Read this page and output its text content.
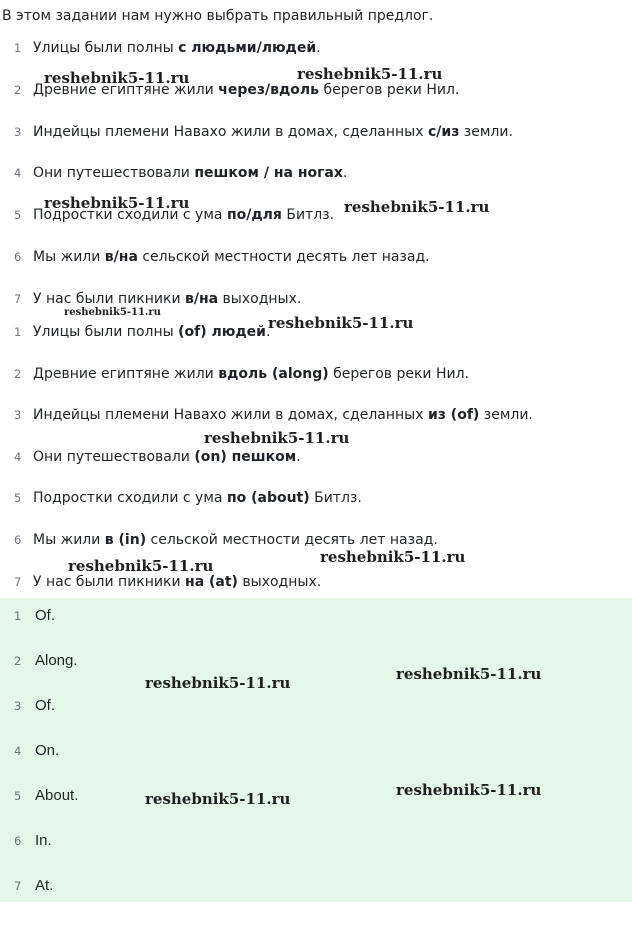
В этом задании нам нужно выбрать правильный предлог.
1 Улицы были полны с людьми/людей.
2 Древние египтяне жили через/вдоль берегов реки Нил.
3 Индейцы племени Навахо жили в домах, сделанных с/из земли.
4 Они путешествовали пешком / на ногах.
5 Подростки сходили с ума по/для Битлз.
6 Мы жили в/на сельской местности десять лет назад.
7 У нас были пикники в/на выходных.
1 Улицы были полны (of) людей.
2 Древние египтяне жили вдоль (along) берегов реки Нил.
3 Индейцы племени Навахо жили в домах, сделанных из (of) земли.
4 Они путешествовали (on) пешком.
5 Подростки сходили с ума по (about) Битлз.
6 Мы жили в (in) сельской местности десять лет назад.
7 У нас были пикники на (at) выходных.
1 Of.
2 Along.
3 Of.
4 On.
5 About.
6 In.
7 At.
reshebnik5-11.ru	reshebnik5-11.ru
reshebnik5-11.ru	reshebnik5-11.ru
reshebnik5-11.ru
reshebnik5-11.ru
reshebnik5-11.ru
reshebnik5-11.ru
reshebnik5-11.ru
reshebnik5-11.ru
reshebnik5-11.ru
reshebnik5-11.ru
reshebnik5-11.ru
